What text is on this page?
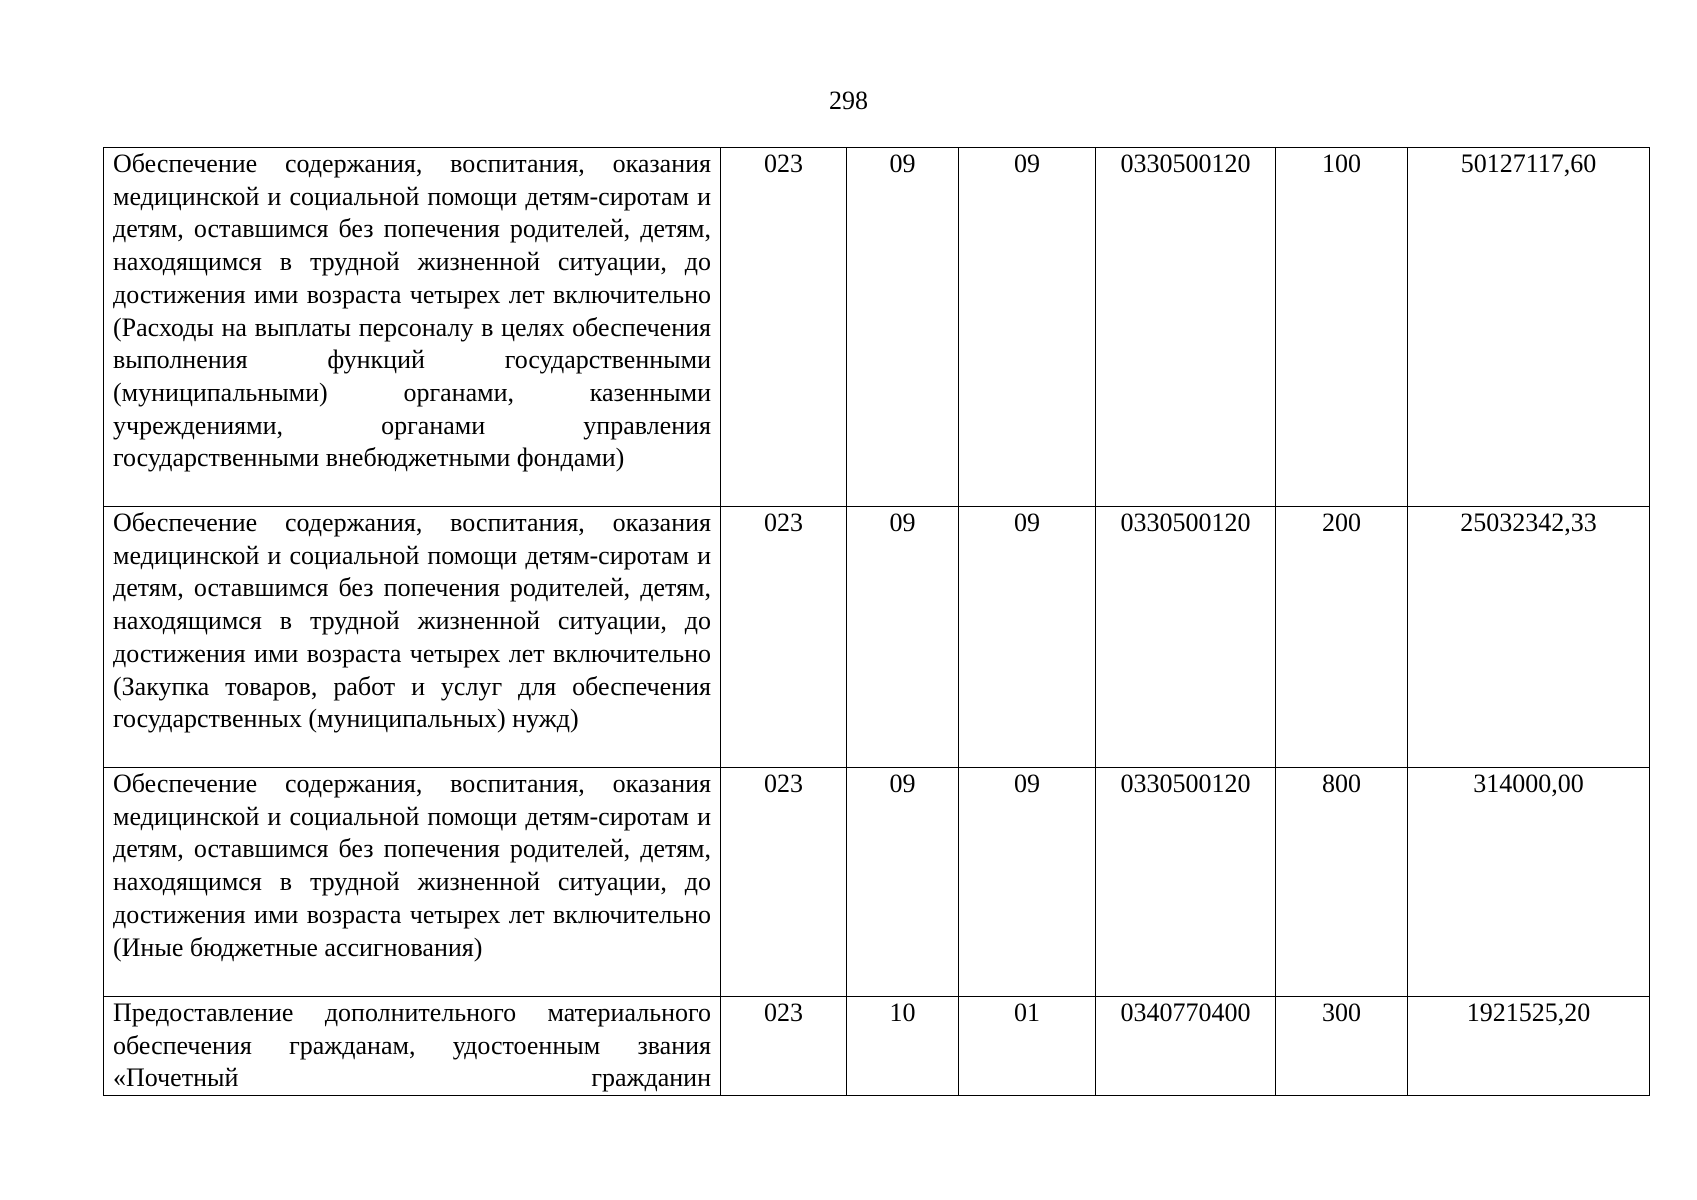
298
Обеспечение содержания, воспитания, оказания медицинской и социальной помощи детям-сиротам и детям, оставшимся без попечения родителей, детям, находящимся в трудной жизненной ситуации, до достижения ими возраста четырех лет включительно (Расходы на выплаты персоналу в целях обеспечения выполнения функций государственными (муниципальными) органами, казенными учреждениями, органами управления государственными внебюджетными фондами)	023	09	09	0330500120	100	50127117,60
Обеспечение содержания, воспитания, оказания медицинской и социальной помощи детям-сиротам и детям, оставшимся без попечения родителей, детям, находящимся в трудной жизненной ситуации, до достижения ими возраста четырех лет включительно (Закупка товаров, работ и услуг для обеспечения государственных (муниципальных) нужд)	023	09	09	0330500120	200	25032342,33
Обеспечение содержания, воспитания, оказания медицинской и социальной помощи детям-сиротам и детям, оставшимся без попечения родителей, детям, находящимся в трудной жизненной ситуации, до достижения ими возраста четырех лет включительно (Иные бюджетные ассигнования)	023	09	09	0330500120	800	314000,00
Предоставление дополнительного материального обеспечения гражданам, удостоенным звания «Почетный гражданин	023	10	01	0340770400	300	1921525,20
